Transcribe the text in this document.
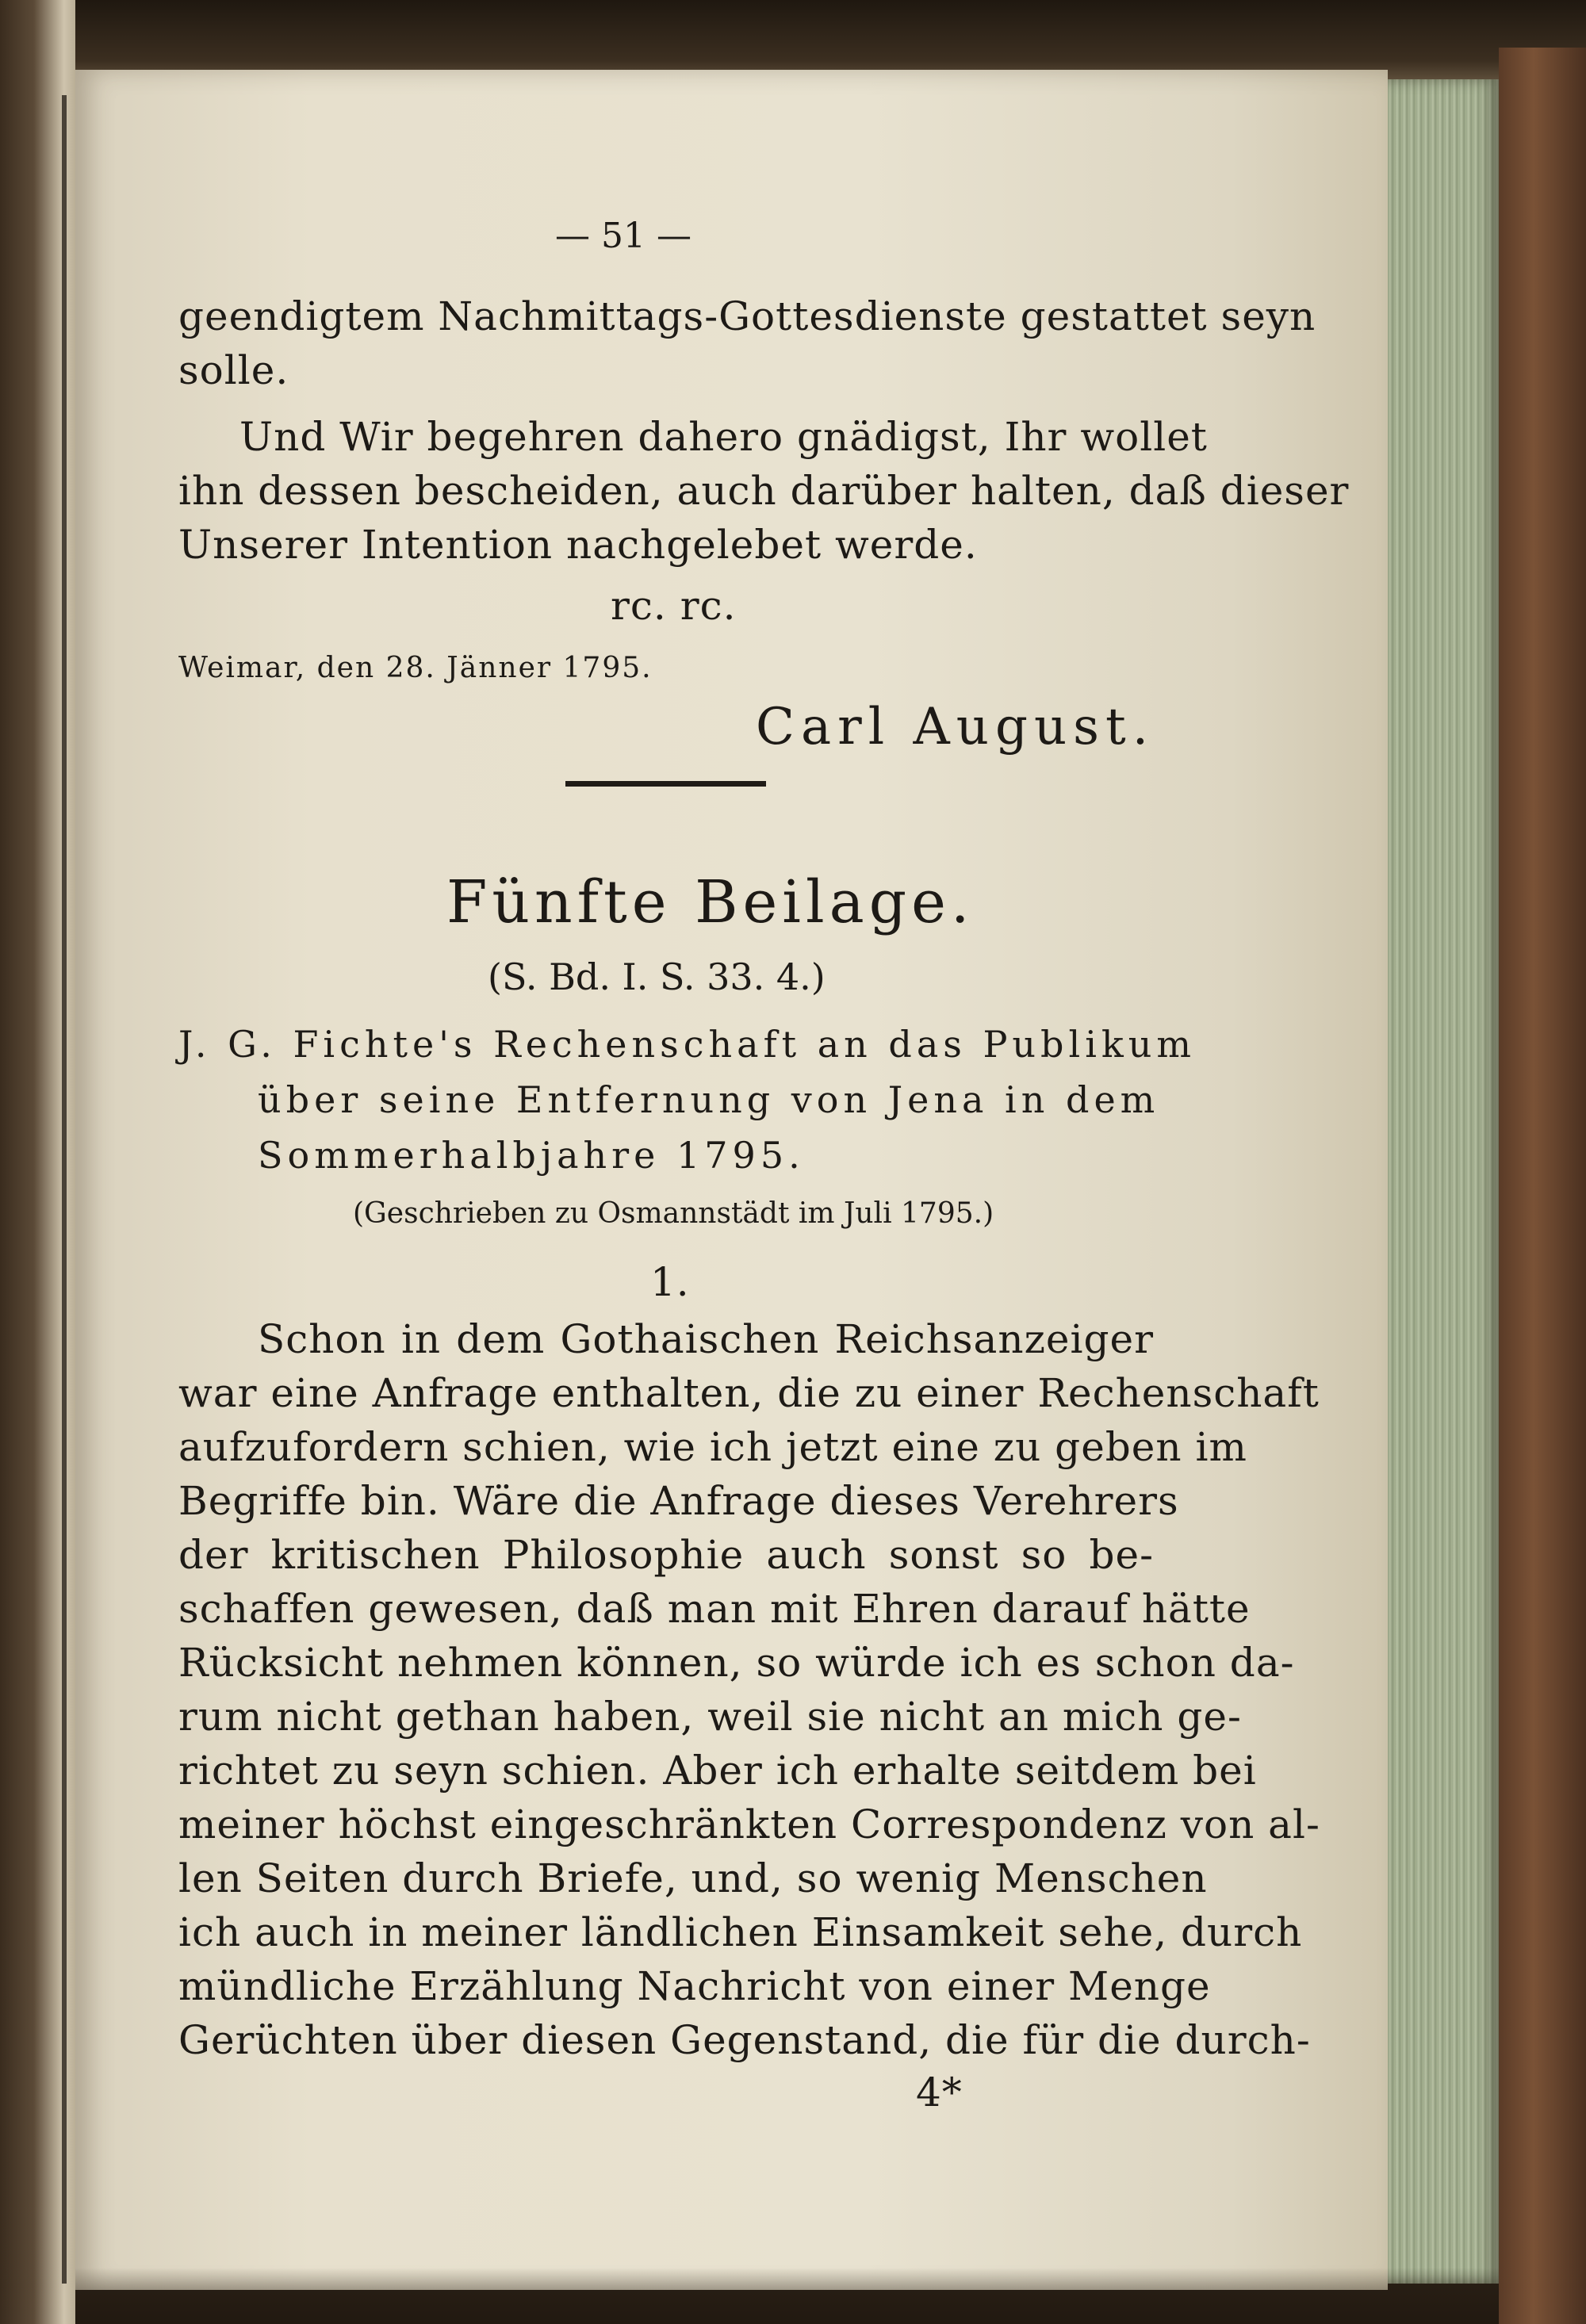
— 51 —
geendigtem Nachmittags-Gottesdienste gestattet seyn
solle.
Und Wir begehren dahero gnädigst, Ihr wollet
ihn dessen bescheiden, auch darüber halten, daß dieser
Unserer Intention nachgelebet werde.
rc. rc.
Weimar, den 28. Jänner 1795.
Carl August.
Fünfte Beilage.
(S. Bd. I. S. 33. 4.)
J. G. Fichte's Rechenschaft an das Publikum
über seine Entfernung von Jena in dem
Sommerhalbjahre 1795.
(Geschrieben zu Osmannstädt im Juli 1795.)
1.
Schon in dem Gothaischen Reichsanzeiger
war eine Anfrage enthalten, die zu einer Rechenschaft
aufzufordern schien, wie ich jetzt eine zu geben im
Begriffe bin. Wäre die Anfrage dieses Verehrers
der kritischen Philosophie auch sonst so be-
schaffen gewesen, daß man mit Ehren darauf hätte
Rücksicht nehmen können, so würde ich es schon da-
rum nicht gethan haben, weil sie nicht an mich ge-
richtet zu seyn schien. Aber ich erhalte seitdem bei
meiner höchst eingeschränkten Correspondenz von al-
len Seiten durch Briefe, und, so wenig Menschen
ich auch in meiner ländlichen Einsamkeit sehe, durch
mündliche Erzählung Nachricht von einer Menge
Gerüchten über diesen Gegenstand, die für die durch-
4*
